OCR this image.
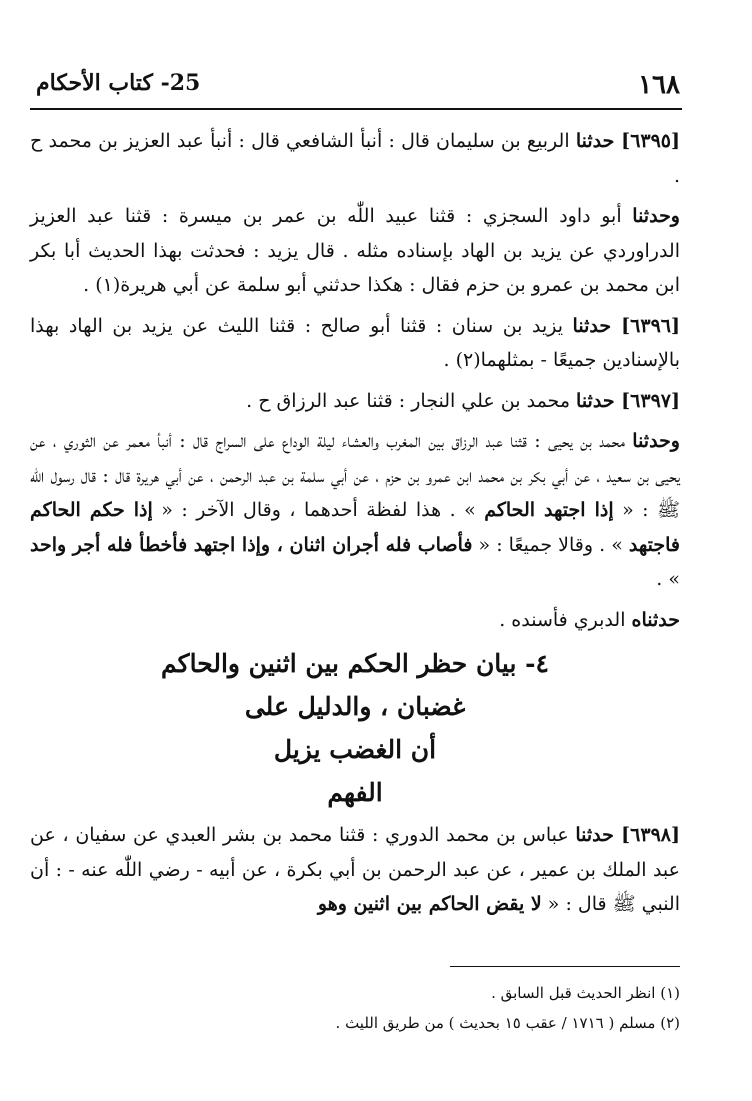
١٦٨
25- كتاب الأحكام

[٦٣٩٥] حدثنا الربيع بن سليمان قال : أنبأ الشافعي قال : أنبأ عبد العزيز بن محمد ح .

وحدثنا أبو داود السجزي : قثنا عبيد اللّٰه بن عمر بن ميسرة : قثنا عبد العزيز الدراوردي عن يزيد بن الهاد بإسناده مثله . قال يزيد : فحدثت بهذا الحديث أبا بكر ابن محمد بن عمرو بن حزم فقال : هكذا حدثني أبو سلمة عن أبي هريرة(١) .

[٦٣٩٦] حدثنا يزيد بن سنان : قثنا أبو صالح : قثنا الليث عن يزيد بن الهاد بهذا بالإسنادين جميعًا - بمثلهما(٢) .

[٦٣٩٧] حدثنا محمد بن علي النجار : قثنا عبد الرزاق ح .

وحدثنا محمد بن يحيى : قثنا عبد الرزاق بين المغرب والعشاء ليلة الوداع على السراج قال : أنبأ معمر عن الثوري ، عن يحيى بن سعيد ، عن أبي بكر بن محمد ابن عمرو بن حزم ، عن أبي سلمة بن عبد الرحمن ، عن أبي هريرة قال : قال رسول اللّٰه ﷺ : « إذا اجتهد الحاكم » . هذا لفظة أحدهما ، وقال الآخر : « إذا حكم الحاكم فاجتهد » . وقالا جميعًا : « فأصاب فله أجران اثنان ، وإذا اجتهد فأخطأ فله أجر واحد » .

حدثناه الدبري فأسنده .

٤- بيان حظر الحكم بين اثنين والحاكم
غضبان ، والدليل على
أن الغضب يزيل
الفهم

[٦٣٩٨] حدثنا عباس بن محمد الدوري : قثنا محمد بن بشر العبدي عن سفيان ، عن عبد الملك بن عمير ، عن عبد الرحمن بن أبي بكرة ، عن أبيه - رضي اللّٰه عنه - : أن النبي ﷺ قال : « لا يقض الحاكم بين اثنين وهو

(١) انظر الحديث قبل السابق .
(٢) مسلم ( ١٧١٦ / عقب ١٥ بحديث ) من طريق الليث .
